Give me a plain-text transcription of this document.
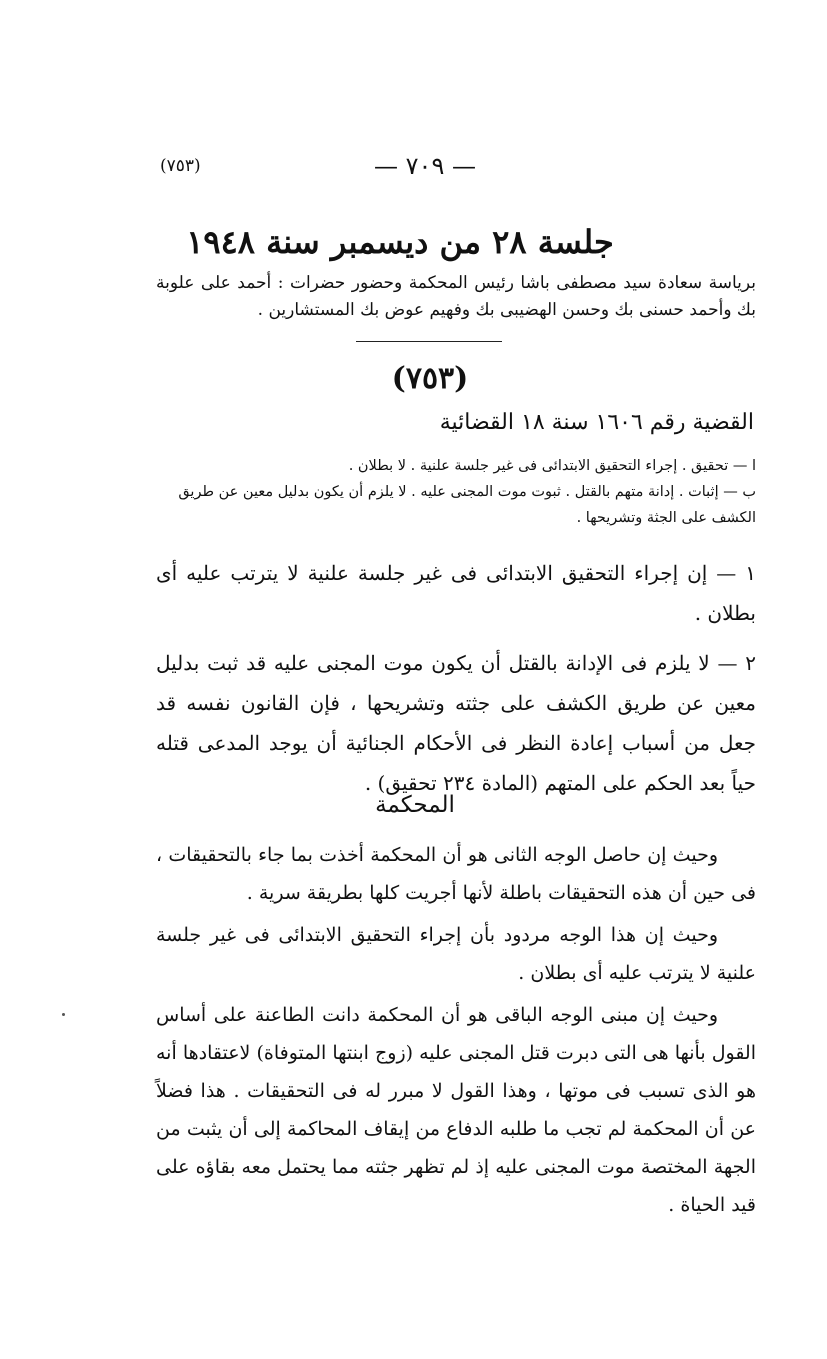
(٧٥٣)	— ٧٠٩ —
جلسة ٢٨ من ديسمبر سنة ١٩٤٨
برياسة سعادة سيد مصطفى باشا رئيس المحكمة وحضور حضرات : أحمد على علوبة بك وأحمد حسنى بك وحسن الهضيبى بك وفهيم عوض بك المستشارين .
(٧٥٣)
القضية رقم ١٦٠٦ سنة ١٨ القضائية

ا — تحقيق . إجراء التحقيق الابتدائى فى غير جلسة علنية . لا بطلان .

ب — إثبات . إدانة متهم بالقتل . ثبوت موت المجنى عليه . لا يلزم أن يكون بدليل معين عن طريق الكشف على الجثة وتشريحها .

١ — إن إجراء التحقيق الابتدائى فى غير جلسة علنية لا يترتب عليه أى بطلان .

٢ — لا يلزم فى الإدانة بالقتل أن يكون موت المجنى عليه قد ثبت بدليل معين عن طريق الكشف على جثته وتشريحها ، فإن القانون نفسه قد جعل من أسباب إعادة النظر فى الأحكام الجنائية أن يوجد المدعى قتله حياً بعد الحكم على المتهم (المادة ٢٣٤ تحقيق) .

المحكمة

وحيث إن حاصل الوجه الثانى هو أن المحكمة أخذت بما جاء بالتحقيقات ، فى حين أن هذه التحقيقات باطلة لأنها أجريت كلها بطريقة سرية .

وحيث إن هذا الوجه مردود بأن إجراء التحقيق الابتدائى فى غير جلسة علنية لا يترتب عليه أى بطلان .

وحيث إن مبنى الوجه الباقى هو أن المحكمة دانت الطاعنة على أساس القول بأنها هى التى دبرت قتل المجنى عليه (زوج ابنتها المتوفاة) لاعتقادها أنه هو الذى تسبب فى موتها ، وهذا القول لا مبرر له فى التحقيقات . هذا فضلاً عن أن المحكمة لم تجب ما طلبه الدفاع من إيقاف المحاكمة إلى أن يثبت من الجهة المختصة موت المجنى عليه إذ لم تظهر جثته مما يحتمل معه بقاؤه على قيد الحياة .
